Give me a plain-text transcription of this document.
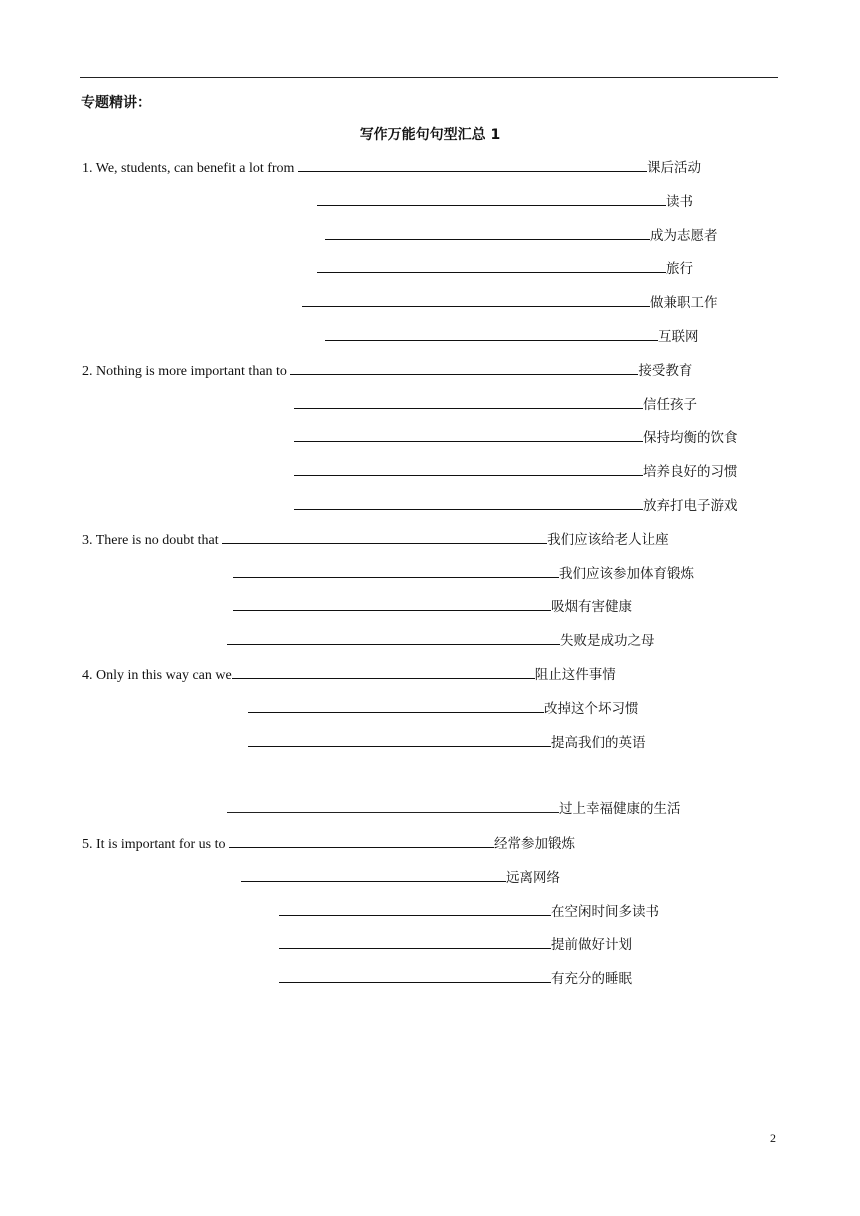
专题精讲：
写作万能句句型汇总 1
1. We, students, can benefit a lot from	课后活动
读书
成为志愿者
旅行
做兼职工作
互联网
2. Nothing is more important than to	接受教育
信任孩子
保持均衡的饮食
培养良好的习惯
放弃打电子游戏
3. There is no doubt that	我们应该给老人让座
我们应该参加体育锻炼
吸烟有害健康
失败是成功之母
4. Only in this way can we	阻止这件事情
改掉这个坏习惯
提高我们的英语
过上幸福健康的生活
5. It is important for us to	经常参加锻炼
远离网络
在空闲时间多读书
提前做好计划
有充分的睡眠
2
